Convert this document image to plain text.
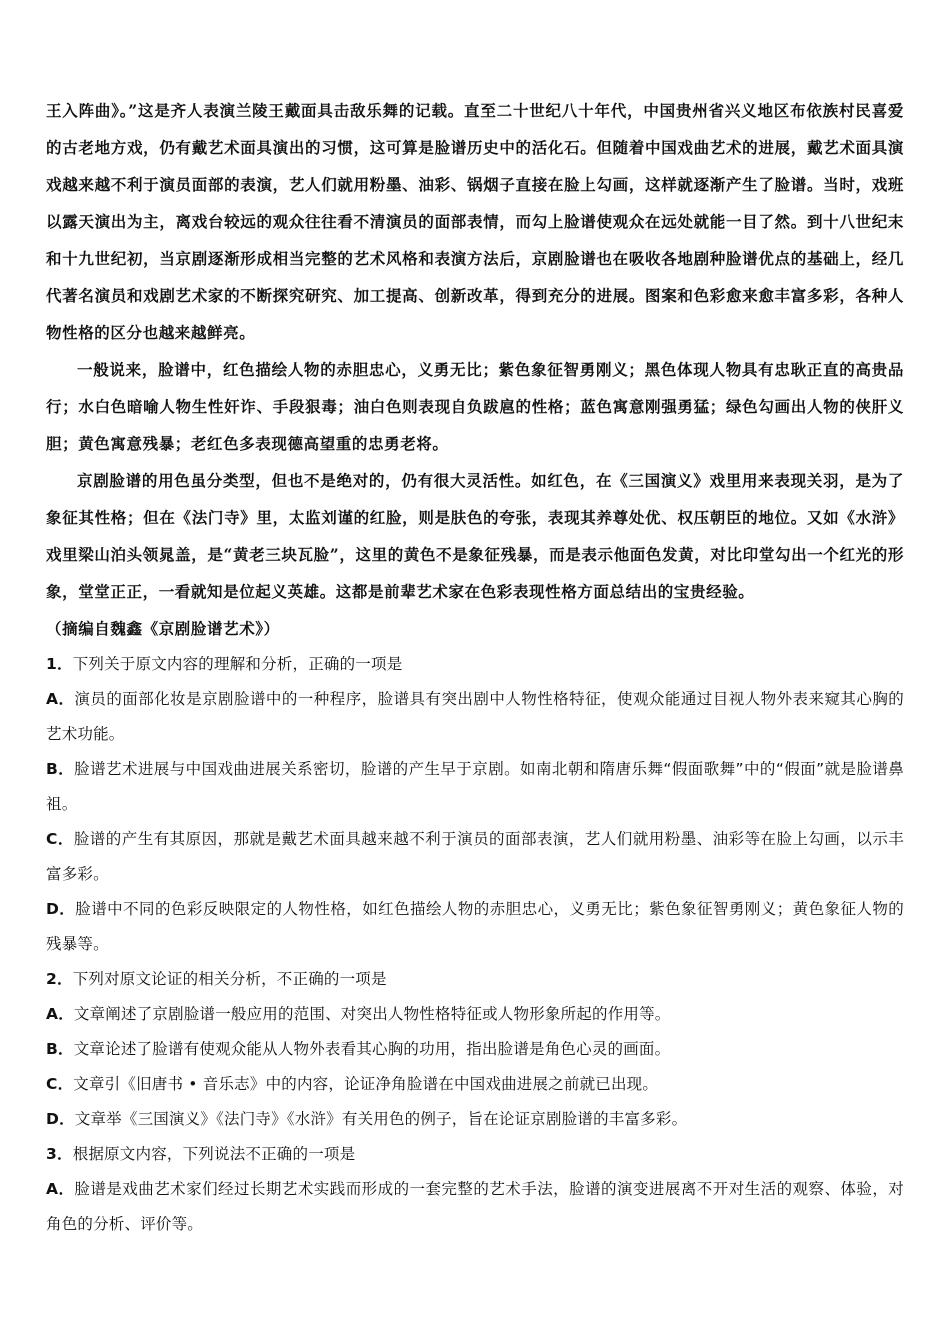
王入阵曲》。”这是齐人表演兰陵王戴面具击敌乐舞的记载。直至二十世纪八十年代，中国贵州省兴义地区布依族村民喜爱的古老地方戏，仍有戴艺术面具演出的习惯，这可算是脸谱历史中的活化石。但随着中国戏曲艺术的进展，戴艺术面具演戏越来越不利于演员面部的表演，艺人们就用粉墨、油彩、锅烟子直接在脸上勾画，这样就逐渐产生了脸谱。当时，戏班以露天演出为主，离戏台较远的观众往往看不清演员的面部表情，而勾上脸谱使观众在远处就能一目了然。到十八世纪末和十九世纪初，当京剧逐渐形成相当完整的艺术风格和表演方法后，京剧脸谱也在吸收各地剧种脸谱优点的基础上，经几代著名演员和戏剧艺术家的不断探究研究、加工提高、创新改革，得到充分的进展。图案和色彩愈来愈丰富多彩，各种人物性格的区分也越来越鲜亮。

一般说来，脸谱中，红色描绘人物的赤胆忠心，义勇无比；紫色象征智勇刚义；黑色体现人物具有忠耿正直的高贵品行；水白色暗喻人物生性奸诈、手段狠毒；油白色则表现自负跋扈的性格；蓝色寓意刚强勇猛；绿色勾画出人物的侠肝义胆；黄色寓意残暴；老红色多表现德高望重的忠勇老将。

京剧脸谱的用色虽分类型，但也不是绝对的，仍有很大灵活性。如红色，在《三国演义》戏里用来表现关羽，是为了象征其性格；但在《法门寺》里，太监刘谨的红脸，则是肤色的夸张，表现其养尊处优、权压朝臣的地位。又如《水浒》戏里梁山泊头领晁盖，是“黄老三块瓦脸”，这里的黄色不是象征残暴，而是表示他面色发黄，对比印堂勾出一个红光的形象，堂堂正正，一看就知是位起义英雄。这都是前辈艺术家在色彩表现性格方面总结出的宝贵经验。

（摘编自魏鑫《京剧脸谱艺术》）

1．下列关于原文内容的理解和分析，正确的一项是

A．演员的面部化妆是京剧脸谱中的一种程序，脸谱具有突出剧中人物性格特征，使观众能通过目视人物外表来窥其心胸的艺术功能。

B．脸谱艺术进展与中国戏曲进展关系密切，脸谱的产生早于京剧。如南北朝和隋唐乐舞“假面歌舞”中的“假面”就是脸谱鼻祖。

C．脸谱的产生有其原因，那就是戴艺术面具越来越不利于演员的面部表演，艺人们就用粉墨、油彩等在脸上勾画，以示丰富多彩。

D．脸谱中不同的色彩反映限定的人物性格，如红色描绘人物的赤胆忠心，义勇无比；紫色象征智勇刚义；黄色象征人物的残暴等。

2．下列对原文论证的相关分析，不正确的一项是

A．文章阐述了京剧脸谱一般应用的范围、对突出人物性格特征或人物形象所起的作用等。

B．文章论述了脸谱有使观众能从人物外表看其心胸的功用，指出脸谱是角色心灵的画面。

C．文章引《旧唐书 • 音乐志》中的内容，论证净角脸谱在中国戏曲进展之前就已出现。

D．文章举《三国演义》《法门寺》《水浒》有关用色的例子，旨在论证京剧脸谱的丰富多彩。

3．根据原文内容，下列说法不正确的一项是

A．脸谱是戏曲艺术家们经过长期艺术实践而形成的一套完整的艺术手法，脸谱的演变进展离不开对生活的观察、体验，对角色的分析、评价等。
